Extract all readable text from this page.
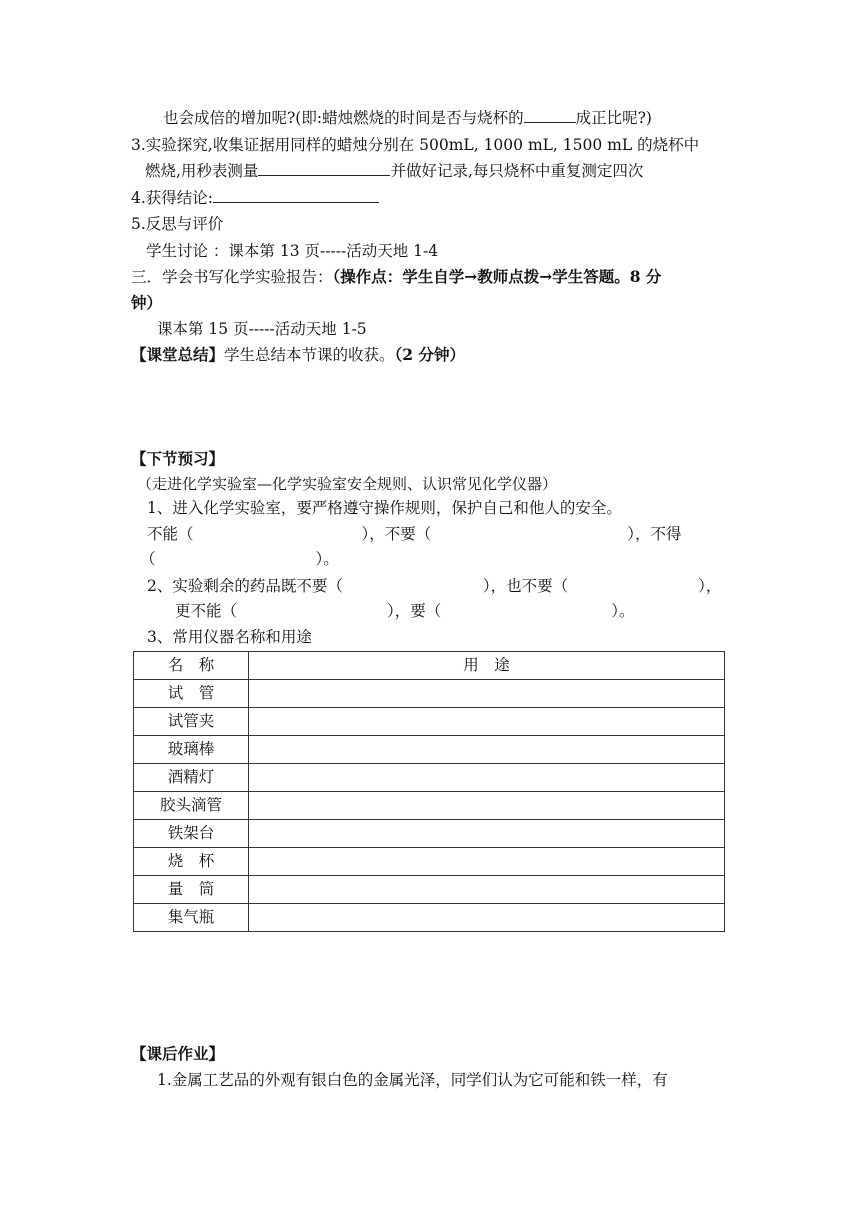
也会成倍的增加呢?(即:蜡烛燃烧的时间是否与烧杯的	成正比呢?)
3.实验探究,收集证据用同样的蜡烛分别在 500mL, 1000 mL, 1500 mL 的烧杯中
燃烧,用秒表测量	并做好记录,每只烧杯中重复测定四次
4.获得结论:
5.反思与评价
学生讨论 ：课本第 13 页-----活动天地 1-4
三．学会书写化学实验报告：（操作点：学生自学→教师点拨→学生答题。8 分
钟）
课本第 15 页-----活动天地 1-5
【课堂总结】学生总结本节课的收获。（2 分钟）
【下节预习】
（走进化学实验室—化学实验室安全规则、认识常见化学仪器）
1、进入化学实验室，要严格遵守操作规则，保护自己和他人的安全。
不能（	），不要（	），不得
（	）。
2、实验剩余的药品既不要（	），也不要（	），
更不能（	），要（	）。
3、常用仪器名称和用途
名　称	用　途
试　管	
试管夹	
玻璃棒	
酒精灯	
胶头滴管	
铁架台	
烧　杯	
量　筒	
集气瓶	
【课后作业】
1.金属工艺品的外观有银白色的金属光泽，同学们认为它可能和铁一样，有
